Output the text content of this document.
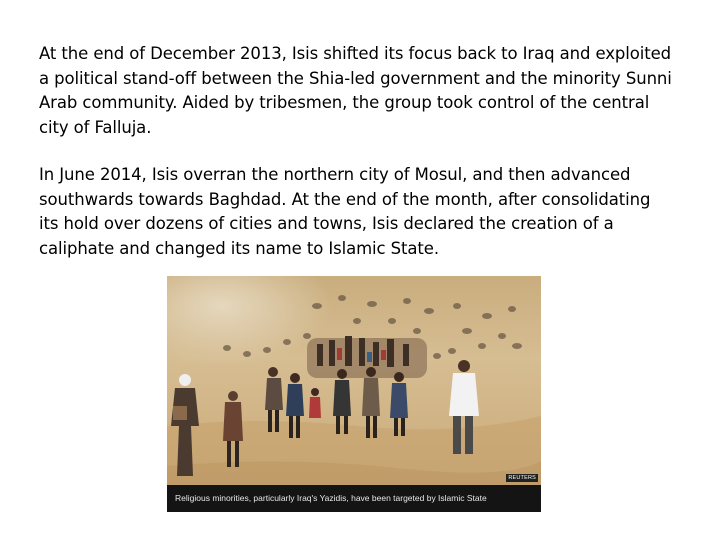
At the end of December 2013, Isis shifted its focus back to Iraq and exploited
a political stand-off between the Shia-led government and the minority Sunni
Arab community. Aided by tribesmen, the group took control of the central
city of Falluja.

In June 2014, Isis overran the northern city of Mosul, and then advanced
southwards towards Baghdad. At the end of the month, after consolidating
its hold over dozens of cities and towns, Isis declared the creation of a
caliphate and changed its name to Islamic State.

REUTERS
Religious minorities, particularly Iraq's Yazidis, have been targeted by Islamic State
